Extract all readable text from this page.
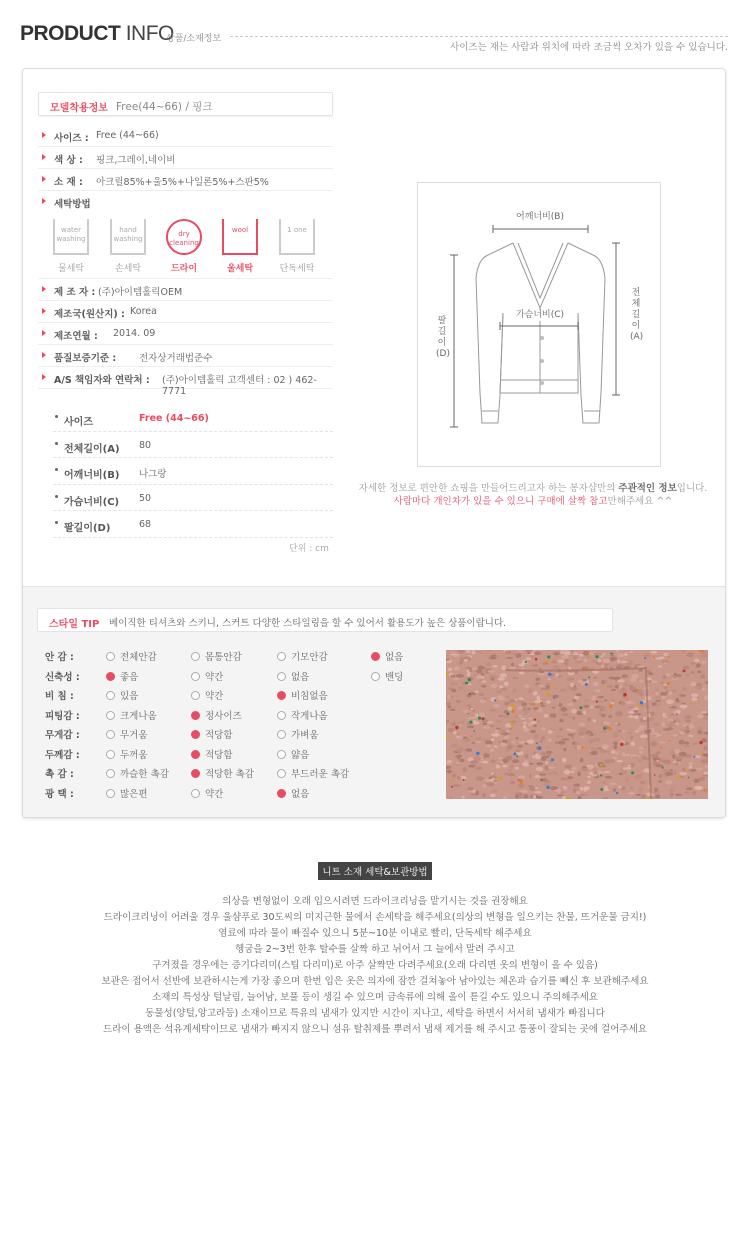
PRODUCT INFO
상품/소재정보
사이즈는 재는 사람과 위치에 따라 조금씩 오차가 있을 수 있습니다.
모델착용정보 Free(44~66) / 핑크
사이즈 : Free (44~66)
색 상 : 핑크,그레이,네이비
소 재 : 아크릴85%+울5%+나일론5%+스판5%
세탁방법
water washing
물세탁
hand washing
손세탁
dry cleaning
드라이
wool
울세탁
1 one
단독세탁
제 조 자 : (주)아이템홀릭OEM
제조국(원산지) : Korea
제조연월 : 2014. 09
품질보증기준 : 전자상거래법준수
A/S 책임자와 연락처 : (주)아이템홀릭 고객센터 : 02 ) 462-7771
사이즈	Free (44~66)
전체길이(A) 80
어깨너비(B) 나그랑
가슴너비(C) 50
팔길이(D)	68
단위 : cm
어깨너비(B)
가슴너비(C)
전체길이(A)
팔길이(D)
자세한 정보로 편안한 쇼핑을 만들어드리고자 하는 봉자샵만의 주관적인 정보입니다.
사람마다 개인차가 있을 수 있으니 구매에 살짝 참고만해주세요 ^^
스타일 TIP 베이직한 티셔츠와 스키니, 스커트 다양한 스타일링을 할 수 있어서 활용도가 높은 상품이랍니다.
안 감 :	전체안감	몸통안감	기모안감	없음
신축성 :	좋음	약간	없음	밴딩
비 침 :	있음	약간	비침없음
피팅감 :	크게나옴	정사이즈	작게나옴
무게감 :	무거움	적당함	가벼움
두께감 :	두꺼움	적당함	얇음
촉 감 :	까슬한 촉감	적당한 촉감	부드러운 촉감
광 택 :	많은편	약간	없음
니트 소재 세탁&보관방법
의상을 변형없이 오래 입으시려면 드라이크리닝을 맡기시는 것을 권장해요
드라이크리닝이 어려울 경우 울샴푸로 30도씨의 미지근한 물에서 손세탁을 해주세요(의상의 변형을 일으키는 찬물, 뜨거운물 금지!)
염료에 따라 물이 빠질수 있으니 5분~10분 이내로 빨리, 단독세탁 해주세요
헹굼을 2~3번 한후 탈수를 살짝 하고 뉘어서 그 늘에서 말려 주시고
구겨졌을 경우에는 증기다리미(스팀 다리미)로 아주 살짝만 다려주세요(오래 다리면 옷의 변형이 올 수 있음)
보관은 접어서 선반에 보관하시는게 가장 좋으며 한번 입은 옷은 의자에 잠깐 걸쳐놓아 남아있는 체온과 습기를 빼신 후 보관해주세요
소재의 특성상 털날림, 늘어남, 보풀 등이 생길 수 있으며 금속류에 의해 올이 튿길 수도 있으니 주의해주세요
동물성(양털,앙고라등) 소재이므로 특유의 냄새가 있지만 시간이 지나고, 세탁을 하면서 서서히 냄새가 빠집니다
드라이 용액은 석유계세탁이므로 냄새가 빠지지 않으니 섬유 탈취제를 뿌려서 냄새 제거를 해 주시고 통풍이 잘되는 곳에 걸어주세요
